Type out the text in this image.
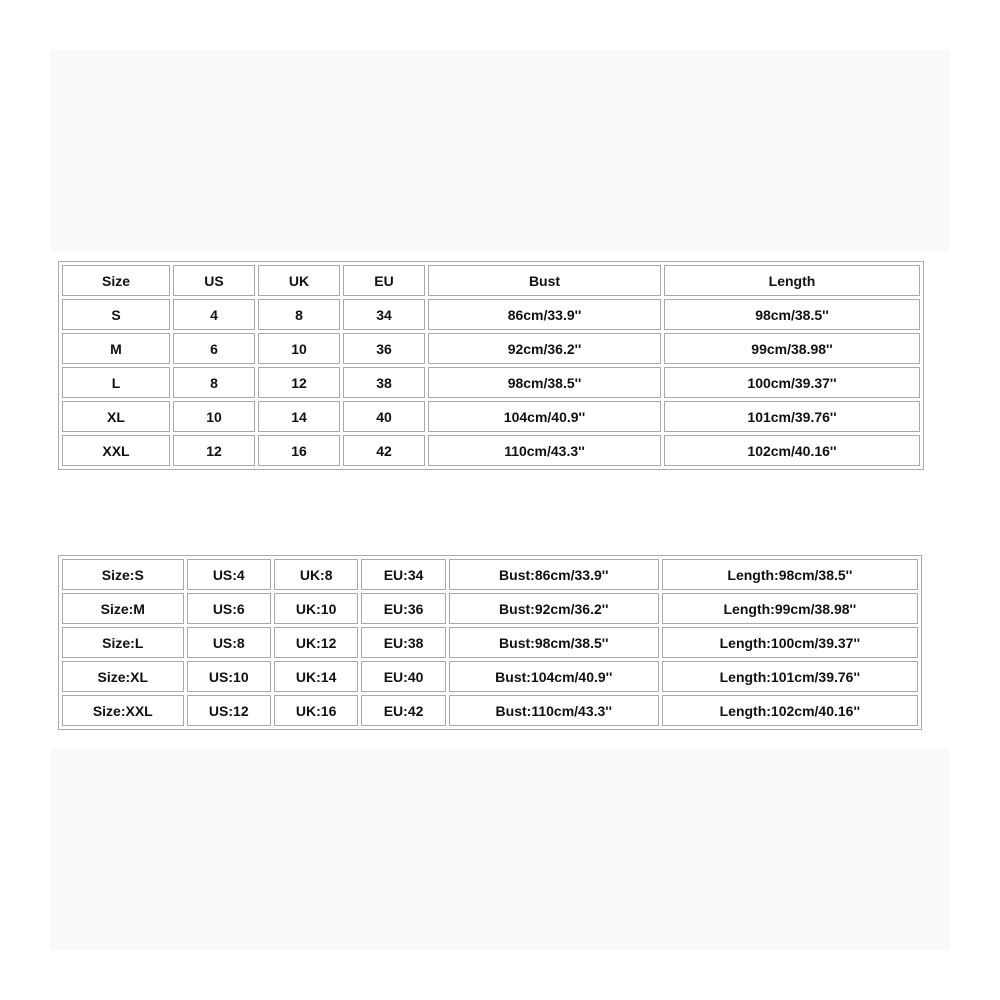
Size	US	UK	EU	Bust	Length
S	4	8	34	86cm/33.9''	98cm/38.5''
M	6	10	36	92cm/36.2''	99cm/38.98''
L	8	12	38	98cm/38.5''	100cm/39.37''
XL	10	14	40	104cm/40.9''	101cm/39.76''
XXL	12	16	42	110cm/43.3''	102cm/40.16''
Size:S	US:4	UK:8	EU:34	Bust:86cm/33.9''	Length:98cm/38.5''
Size:M	US:6	UK:10	EU:36	Bust:92cm/36.2''	Length:99cm/38.98''
Size:L	US:8	UK:12	EU:38	Bust:98cm/38.5''	Length:100cm/39.37''
Size:XL	US:10	UK:14	EU:40	Bust:104cm/40.9''	Length:101cm/39.76''
Size:XXL	US:12	UK:16	EU:42	Bust:110cm/43.3''	Length:102cm/40.16''
